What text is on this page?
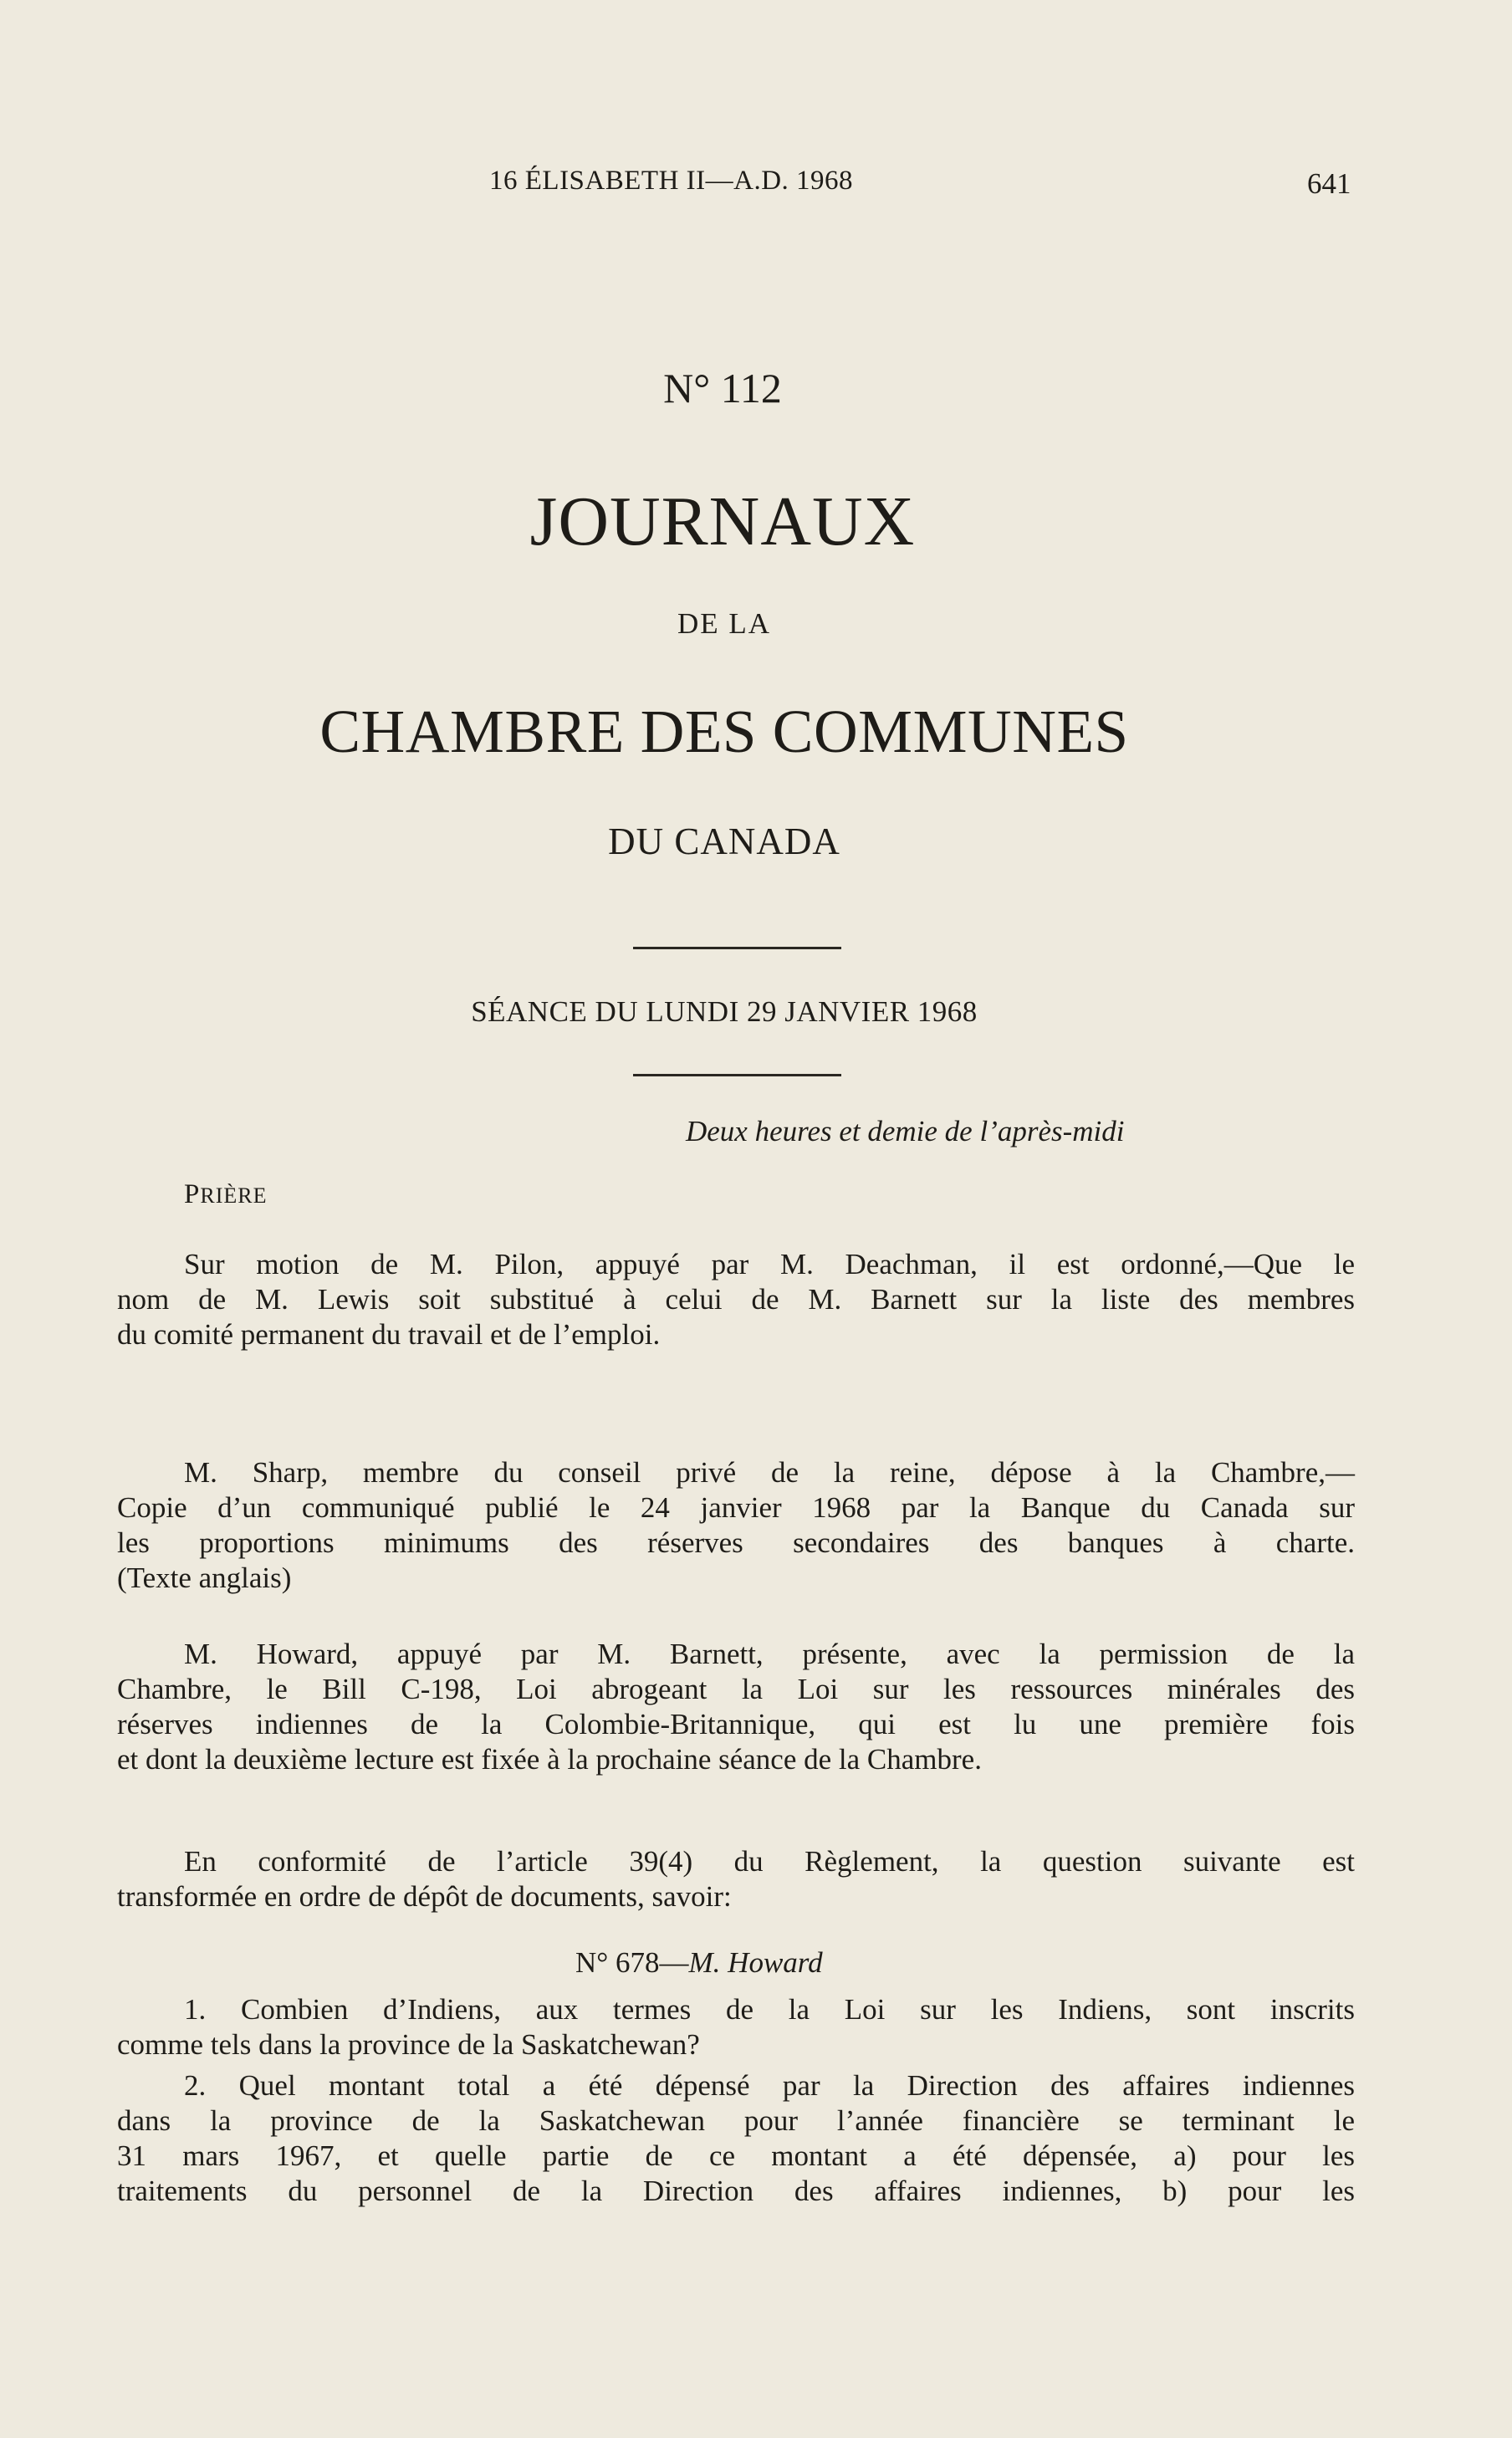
16 ÉLISABETH II—A.D. 1968	641
N° 112
JOURNAUX
DE LA
CHAMBRE DES COMMUNES
DU CANADA
SÉANCE DU LUNDI 29 JANVIER 1968
Deux heures et demie de l’après-midi
PRIÈRE
Sur motion de M. Pilon, appuyé par M. Deachman, il est ordonné,—Que le
nom de M. Lewis soit substitué à celui de M. Barnett sur la liste des membres
du comité permanent du travail et de l’emploi.
M. Sharp, membre du conseil privé de la reine, dépose à la Chambre,—
Copie d’un communiqué publié le 24 janvier 1968 par la Banque du Canada sur
les proportions minimums des réserves secondaires des banques à charte.
(Texte anglais)
M. Howard, appuyé par M. Barnett, présente, avec la permission de la
Chambre, le Bill C-198, Loi abrogeant la Loi sur les ressources minérales des
réserves indiennes de la Colombie-Britannique, qui est lu une première fois
et dont la deuxième lecture est fixée à la prochaine séance de la Chambre.
En conformité de l’article 39(4) du Règlement, la question suivante est
transformée en ordre de dépôt de documents, savoir:
N° 678—M. Howard
1. Combien d’Indiens, aux termes de la Loi sur les Indiens, sont inscrits
comme tels dans la province de la Saskatchewan?
2. Quel montant total a été dépensé par la Direction des affaires indiennes
dans la province de la Saskatchewan pour l’année financière se terminant le
31 mars 1967, et quelle partie de ce montant a été dépensée, a) pour les
traitements du personnel de la Direction des affaires indiennes, b) pour les
